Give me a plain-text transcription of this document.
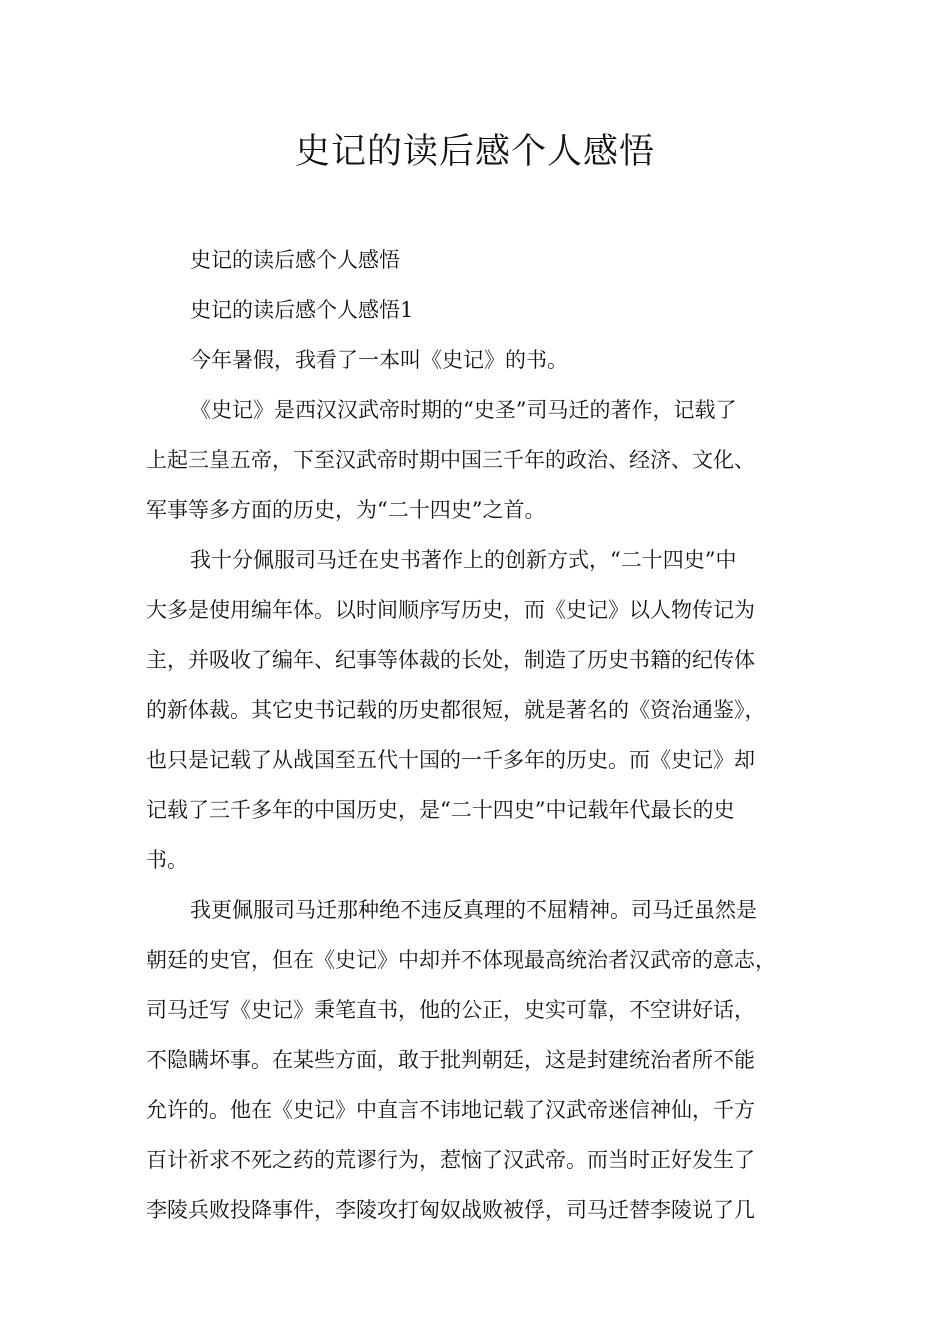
史记的读后感个人感悟
史记的读后感个人感悟
史记的读后感个人感悟1
今年暑假，我看了一本叫《史记》的书。
《史记》是西汉汉武帝时期的“史圣”司马迁的著作，记载了
上起三皇五帝，下至汉武帝时期中国三千年的政治、经济、文化、
军事等多方面的历史，为“二十四史”之首。
我十分佩服司马迁在史书著作上的创新方式，“二十四史”中
大多是使用编年体。以时间顺序写历史，而《史记》以人物传记为
主，并吸收了编年、纪事等体裁的长处，制造了历史书籍的纪传体
的新体裁。其它史书记载的历史都很短，就是著名的《资治通鉴》，
也只是记载了从战国至五代十国的一千多年的历史。而《史记》却
记载了三千多年的中国历史，是“二十四史”中记载年代最长的史
书。
我更佩服司马迁那种绝不违反真理的不屈精神。司马迁虽然是
朝廷的史官，但在《史记》中却并不体现最高统治者汉武帝的意志，
司马迁写《史记》秉笔直书，他的公正，史实可靠，不空讲好话，
不隐瞒坏事。在某些方面，敢于批判朝廷，这是封建统治者所不能
允许的。他在《史记》中直言不讳地记载了汉武帝迷信神仙，千方
百计祈求不死之药的荒谬行为，惹恼了汉武帝。而当时正好发生了
李陵兵败投降事件，李陵攻打匈奴战败被俘，司马迁替李陵说了几
